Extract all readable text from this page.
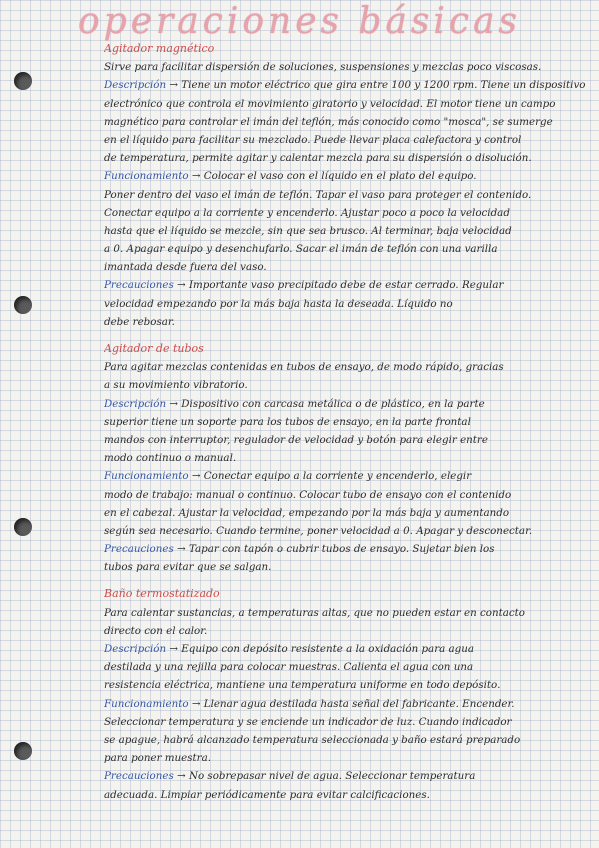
operaciones básicas
Agitador magnético
Sirve para facilitar dispersión de soluciones, suspensiones y mezclas poco viscosas.
Descripción → Tiene un motor eléctrico que gira entre 100 y 1200 rpm. Tiene un dispositivo
electrónico que controla el movimiento giratorio y velocidad. El motor tiene un campo
magnético para controlar el imán del teflón, más conocido como "mosca", se sumerge
en el líquido para facilitar su mezclado. Puede llevar placa calefactora y control
de temperatura, permite agitar y calentar mezcla para su dispersión o disolución.
Funcionamiento → Colocar el vaso con el líquido en el plato del equipo.
Poner dentro del vaso el imán de teflón. Tapar el vaso para proteger el contenido.
Conectar equipo a la corriente y encenderlo. Ajustar poco a poco la velocidad
hasta que el líquido se mezcle, sin que sea brusco. Al terminar, baja velocidad
a 0. Apagar equipo y desenchufarlo. Sacar el imán de teflón con una varilla
imantada desde fuera del vaso.
Precauciones → Importante vaso precipitado debe de estar cerrado. Regular
velocidad empezando por la más baja hasta la deseada. Líquido no
debe rebosar.
Agitador de tubos
Para agitar mezclas contenidas en tubos de ensayo, de modo rápido, gracias
a su movimiento vibratorio.
Descripción → Dispositivo con carcasa metálica o de plástico, en la parte
superior tiene un soporte para los tubos de ensayo, en la parte frontal
mandos con interruptor, regulador de velocidad y botón para elegir entre
modo continuo o manual.
Funcionamiento → Conectar equipo a la corriente y encenderlo, elegir
modo de trabajo: manual o continuo. Colocar tubo de ensayo con el contenido
en el cabezal. Ajustar la velocidad, empezando por la más baja y aumentando
según sea necesario. Cuando termine, poner velocidad a 0. Apagar y desconectar.
Precauciones → Tapar con tapón o cubrir tubos de ensayo. Sujetar bien los
tubos para evitar que se salgan.
Baño termostatizado
Para calentar sustancias, a temperaturas altas, que no pueden estar en contacto
directo con el calor.
Descripción → Equipo con depósito resistente a la oxidación para agua
destilada y una rejilla para colocar muestras. Calienta el agua con una
resistencia eléctrica, mantiene una temperatura uniforme en todo depósito.
Funcionamiento → Llenar agua destilada hasta señal del fabricante. Encender.
Seleccionar temperatura y se enciende un indicador de luz. Cuando indicador
se apague, habrá alcanzado temperatura seleccionada y baño estará preparado
para poner muestra.
Precauciones → No sobrepasar nivel de agua. Seleccionar temperatura
adecuada. Limpiar periódicamente para evitar calcificaciones.
